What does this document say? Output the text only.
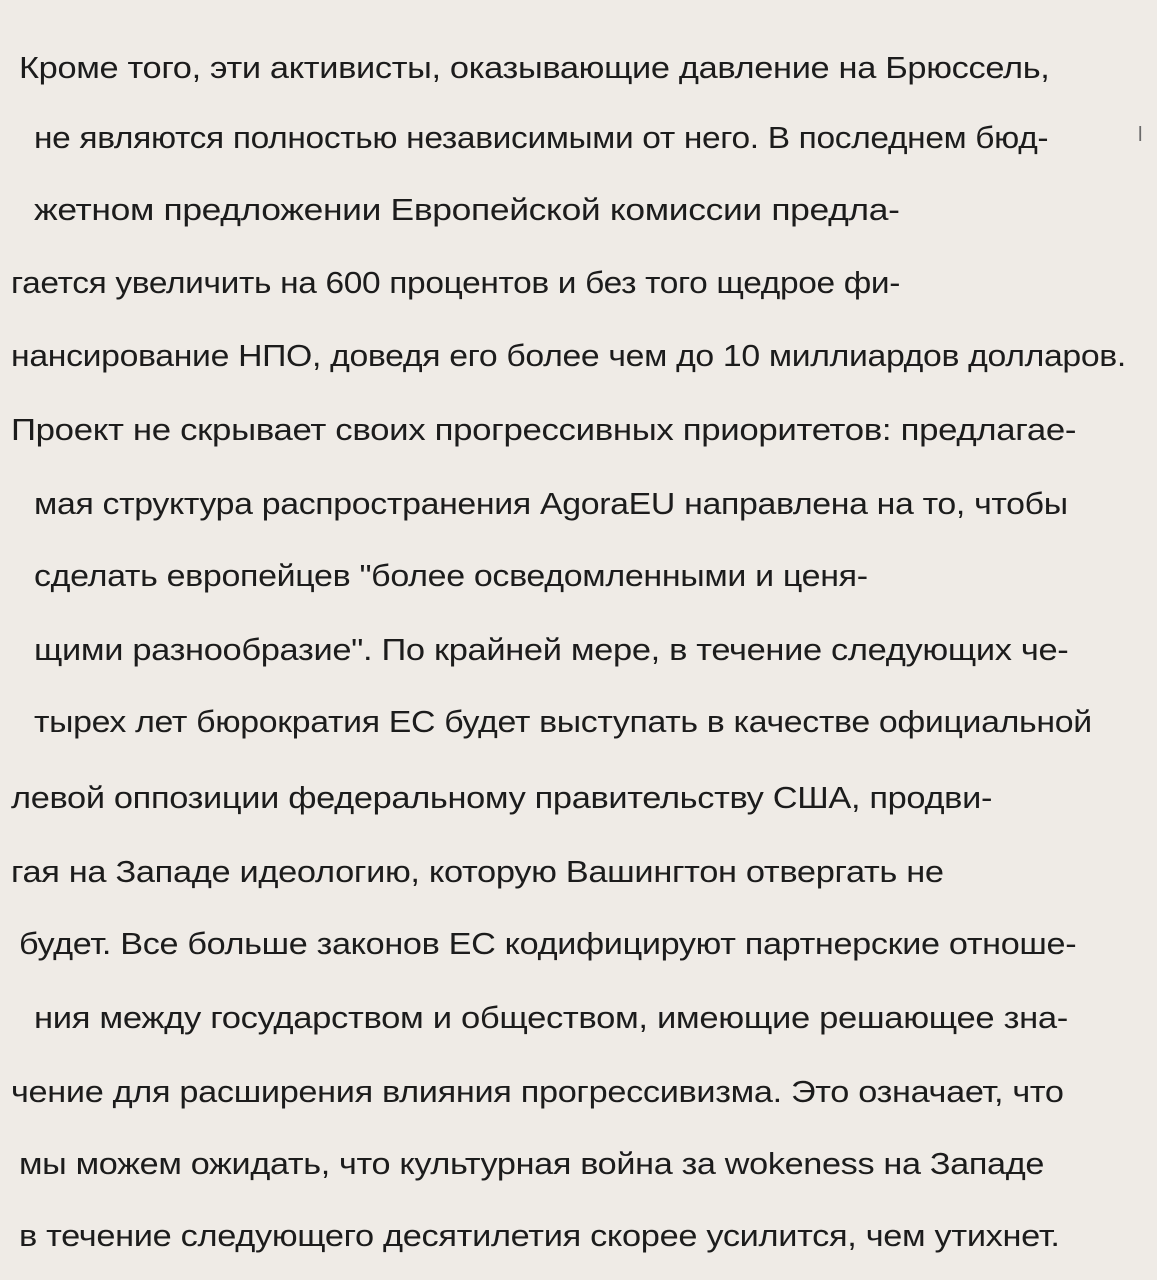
Кроме того, эти активисты, оказывающие давление на Брюссель,
не являются полностью независимыми от него. В последнем бюд-
жетном предложении Европейской комиссии предла-
гается увеличить на 600 процентов и без того щедрое фи-
нансирование НПО, доведя его более чем до 10 миллиардов долларов.
Проект не скрывает своих прогрессивных приоритетов: предлагае-
мая структура распространения AgoraEU направлена на то, чтобы
сделать европейцев "более осведомленными и ценя-
щими разнообразие". По крайней мере, в течение следующих че-
тырех лет бюрократия ЕС будет выступать в качестве официальной
левой оппозиции федеральному правительству США, продви-
гая на Западе идеологию, которую Вашингтон отвергать не
будет. Все больше законов ЕС кодифицируют партнерские отноше-
ния между государством и обществом, имеющие решающее зна-
чение для расширения влияния прогрессивизма. Это означает, что
мы можем ожидать, что культурная война за wokeness на Западе
в течение следующего десятилетия скорее усилится, чем утихнет.
l
